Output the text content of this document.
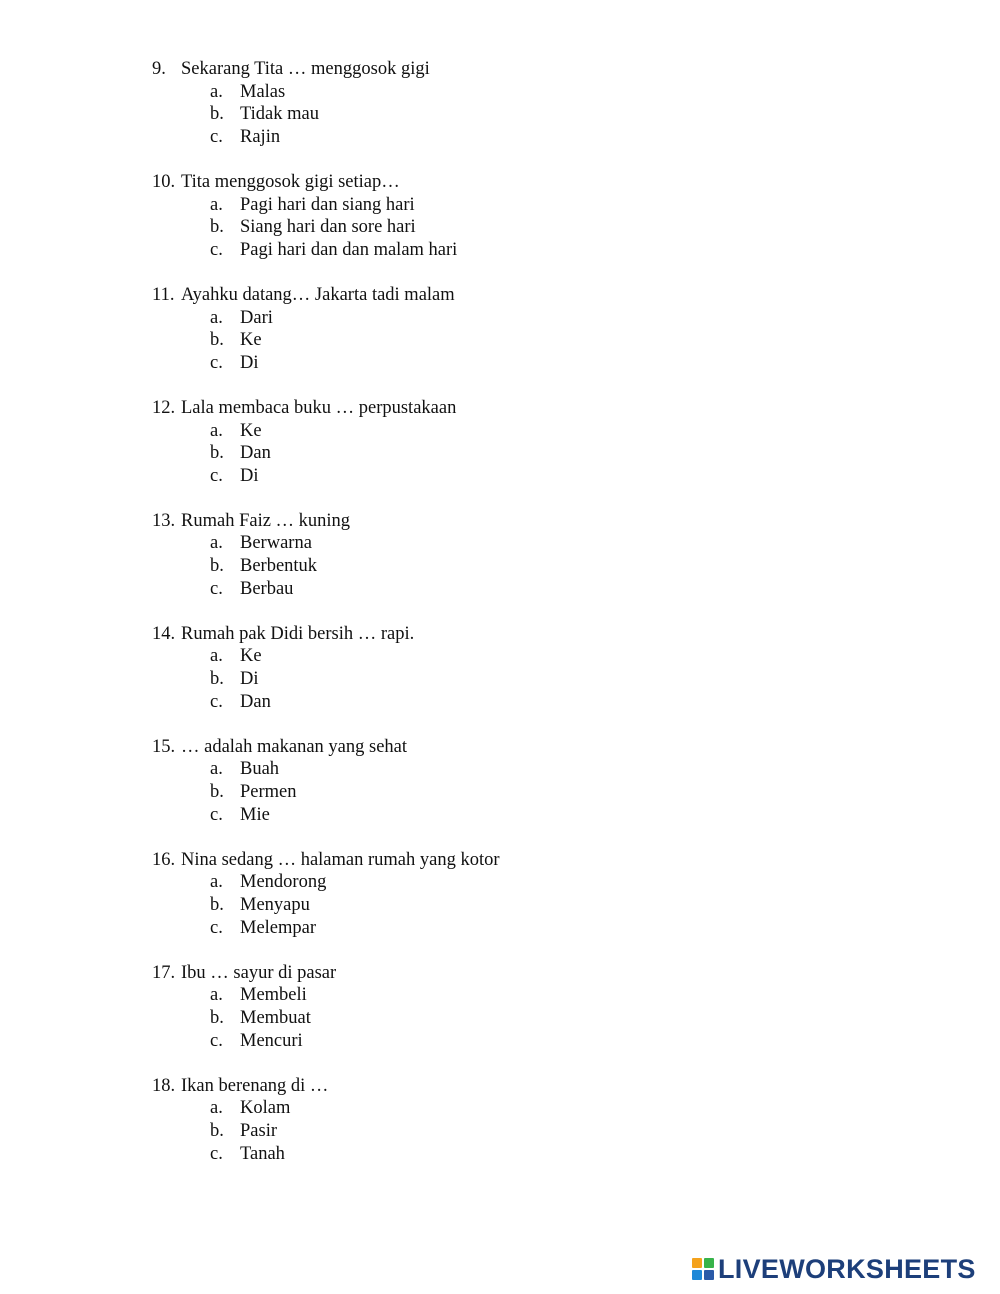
9. Sekarang Tita … menggosok gigi
a. Malas
b. Tidak mau
c. Rajin
10. Tita menggosok gigi setiap…
a. Pagi hari dan siang hari
b. Siang hari dan sore hari
c. Pagi hari dan dan malam hari
11. Ayahku datang… Jakarta tadi malam
a. Dari
b. Ke
c. Di
12. Lala membaca buku … perpustakaan
a. Ke
b. Dan
c. Di
13. Rumah Faiz … kuning
a. Berwarna
b. Berbentuk
c. Berbau
14. Rumah pak Didi bersih … rapi.
a. Ke
b. Di
c. Dan
15. … adalah makanan yang sehat
a. Buah
b. Permen
c. Mie
16. Nina sedang … halaman rumah yang kotor
a. Mendorong
b. Menyapu
c. Melempar
17. Ibu … sayur di pasar
a. Membeli
b. Membuat
c. Mencuri
18. Ikan berenang di …
a. Kolam
b. Pasir
c. Tanah
LIVEWORKSHEETS
